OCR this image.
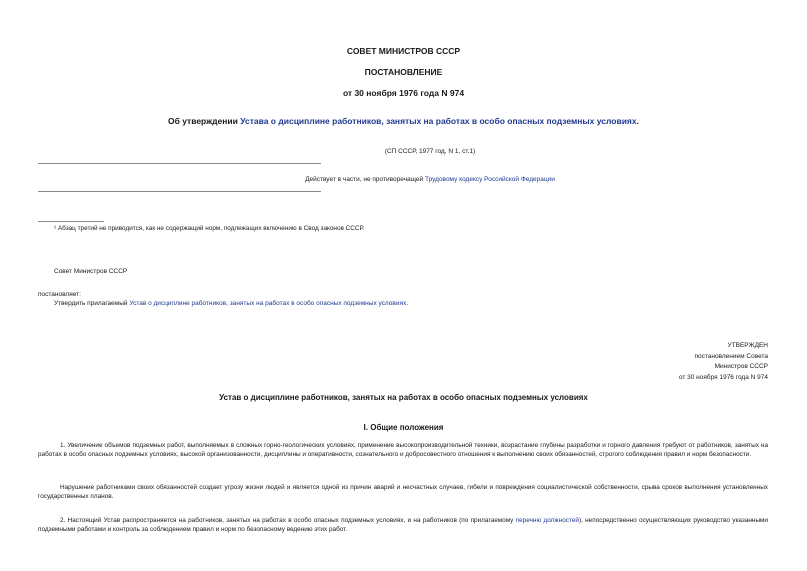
СОВЕТ МИНИСТРОВ СССР
ПОСТАНОВЛЕНИЕ
от 30 ноября 1976 года N 974
Об утверждении Устава о дисциплине работников, занятых на работах в особо опасных подземных условиях.
(СП СССР, 1977 год, N 1, ст.1)
Действует в части, не противоречащей Трудовому кодексу Российской Федерации
¹ Абзац третий не приводится, как не содержащий норм, подлежащих включению в Свод законов СССР.
Совет Министров СССР
постановляет:
Утвердить прилагаемый Устав о дисциплине работников, занятых на работах в особо опасных подземных условиях.
УТВЕРЖДЕН
постановлением Совета
Министров СССР
от 30 ноября 1976 года N 974
Устав о дисциплине работников, занятых на работах в особо опасных подземных условиях
I. Общие положения
1. Увеличение объемов подземных работ, выполняемых в сложных горно-геологических условиях, применение высокопроизводительной техники, возрастание глубины разработки и горного давления требуют от работников, занятых на работах в особо опасных подземных условиях, высокой организованности, дисциплины и оперативности, сознательного и добросовестного отношения к выполнению своих обязанностей, строгого соблюдения правил и норм безопасности.
Нарушение работниками своих обязанностей создает угрозу жизни людей и является одной из причин аварий и несчастных случаев, гибели и повреждения социалистической собственности, срыва сроков выполнения установленных государственных планов.
2. Настоящий Устав распространяется на работников, занятых на работах в особо опасных подземных условиях, и на работников (по прилагаемому перечню должностей), непосредственно осуществляющих руководство указанными подземными работами и контроль за соблюдением правил и норм по безопасному ведению этих работ.
